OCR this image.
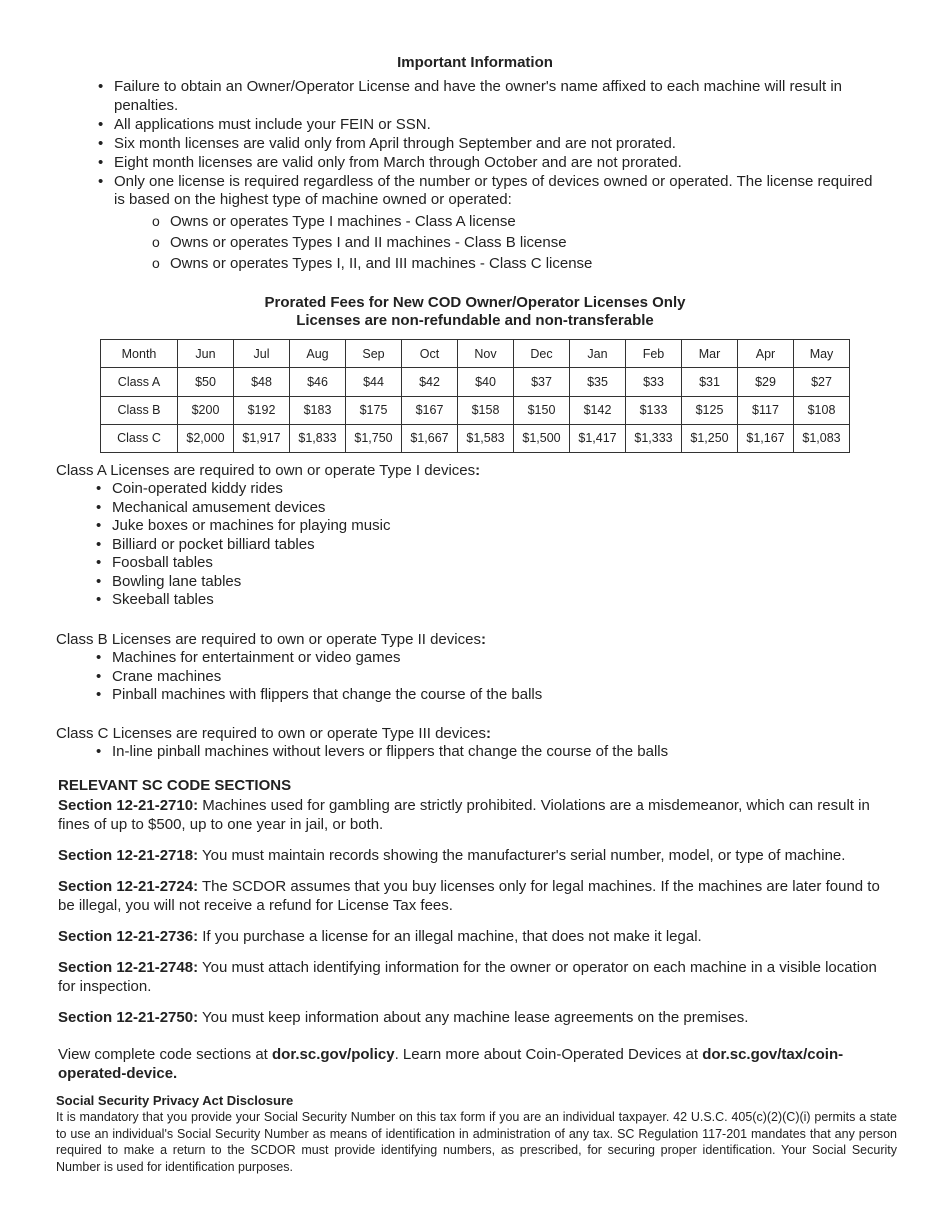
Important Information
• Failure to obtain an Owner/Operator License and have the owner's name affixed to each machine will result in penalties.
• All applications must include your FEIN or SSN.
• Six month licenses are valid only from April through September and are not prorated.
• Eight month licenses are valid only from March through October and are not prorated.
• Only one license is required regardless of the number or types of devices owned or operated. The license required is based on the highest type of machine owned or operated:
o Owns or operates Type I machines - Class A license
o Owns or operates Types I and II machines - Class B license
o Owns or operates Types I, II, and III machines - Class C license
Prorated Fees for New COD Owner/Operator Licenses Only
Licenses are non-refundable and non-transferable
Month	Jun	Jul	Aug	Sep	Oct	Nov	Dec	Jan	Feb	Mar	Apr	May
Class A	$50	$48	$46	$44	$42	$40	$37	$35	$33	$31	$29	$27
Class B	$200	$192	$183	$175	$167	$158	$150	$142	$133	$125	$117	$108
Class C	$2,000	$1,917	$1,833	$1,750	$1,667	$1,583	$1,500	$1,417	$1,333	$1,250	$1,167	$1,083
Class A Licenses are required to own or operate Type I devices:
• Coin-operated kiddy rides
• Mechanical amusement devices
• Juke boxes or machines for playing music
• Billiard or pocket billiard tables
• Foosball tables
• Bowling lane tables
• Skeeball tables
Class B Licenses are required to own or operate Type II devices:
• Machines for entertainment or video games
• Crane machines
• Pinball machines with flippers that change the course of the balls
Class C Licenses are required to own or operate Type III devices:
• In-line pinball machines without levers or flippers that change the course of the balls
RELEVANT SC CODE SECTIONS

Section 12-21-2710: Machines used for gambling are strictly prohibited. Violations are a misdemeanor, which can result in fines of up to $500, up to one year in jail, or both.

Section 12-21-2718: You must maintain records showing the manufacturer's serial number, model, or type of machine.

Section 12-21-2724: The SCDOR assumes that you buy licenses only for legal machines. If the machines are later found to be illegal, you will not receive a refund for License Tax fees.

Section 12-21-2736: If you purchase a license for an illegal machine, that does not make it legal.

Section 12-21-2748: You must attach identifying information for the owner or operator on each machine in a visible location for inspection.

Section 12-21-2750: You must keep information about any machine lease agreements on the premises.

View complete code sections at dor.sc.gov/policy. Learn more about Coin-Operated Devices at dor.sc.gov/tax/coin-operated-device.

Social Security Privacy Act Disclosure
It is mandatory that you provide your Social Security Number on this tax form if you are an individual taxpayer. 42 U.S.C. 405(c)(2)(C)(i) permits a state to use an individual's Social Security Number as means of identification in administration of any tax. SC Regulation 117-201 mandates that any person required to make a return to the SCDOR must provide identifying numbers, as prescribed, for securing proper identification. Your Social Security Number is used for identification purposes.
